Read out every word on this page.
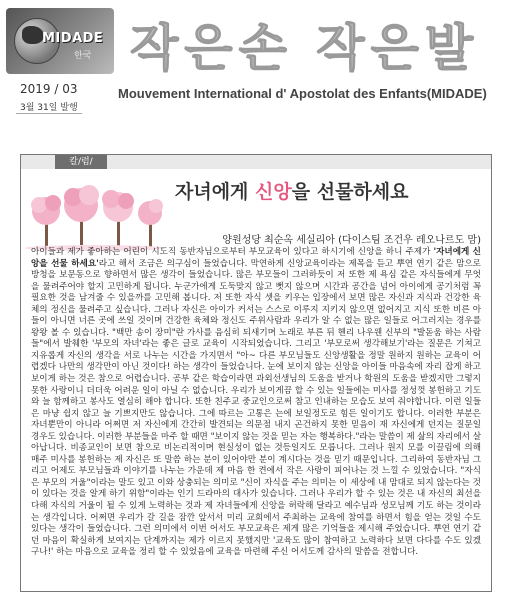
MIDADE
한국 작은손 작은발
2019 / 03
3월 31일 발행
Mouvement International d' Apostolat des Enfants(MIDADE)
칼/럼/
자녀에게 신앙을 선물하세요
양원성당 최순옥 세실리아 (다이스팀 조건우 레오나르도 맘)
아이들과 제가 좋아하는 어린이 시도직 동반자님으로부터 부모교육이 있다고 하시기에 신앙을 하니 주제가 '자녀에게 신앙을 선물 하세요'라고 해서 조금은 의구심이 들었습니다. 막연하게 신앙교육이라는 제목을 듣고 뿌연 연기 같은 맘으로 방청을 보문동으로 향하면서 많은 생각이 들었습니다. 많은 부모들이 그러하듯이 저 또한 제 욕심 같은 자식들에게 무엇을 물려주어야 할지 고민하게 됩니다. 누군가에게 도둑맞지 않고 뻣지 않으며 시간과 공간을 넘어 아이에게 공기처럼 꼭 필요한 것을 남겨줄 수 있을까를 고민해 봅니다. 저 또한 자식 셋을 키우는 입장에서 보면 많은 자신과 지식과 건강한 육체의 정신을 물려주고 싶습니다. 그러나 자신은 아이가 커서는 스스로 이루지 지키지 않으면 없어지고 지식 또한 비른 아들이 아니면 너른 곳에 쓰일 것이며 건강한 육체와 정신도 주위사람과 우리가 알 수 없는 많은 일들로 어그러지는 경우를 왕왕 볼 수 있습니다. "백만 송이 장미"란 가사를 음심히 되새기며 노래로 부른 뒤 헨리 나우웬 신부의 "발돋움 하는 사람들"에서 발췌한 '부모의 자녀'라는 좋은 글로 교육이 시작되었습니다. 그리고 '부모로써 생각해보기'라는 질문은 기쳐고 지유롭게 자신의 생각을 서로 나누는 시간을 가지면서 "아~ 다른 부모님들도 신앙생활을 정말 원하지 원하는 교육이 어렵겠다 나만의 생각만이 아닌 것이다! 하는 생각이 들었습니다. 눈에 보이지 않는 신앙을 아이들 마음속에 자리 잡게 하고 보이게 하는 것은 참으로 어렵습니다. 공부 같은 학습이라면 과외선생님의 도움을 받거나 학원의 도움을 받겠지만 그렇지 못한 사랑이니 더더욱 어려운 일이 아닐 수 없습니다. 우리가 보이게끔 할 수 있는 일들에는 미사를 정성껏 봉헌하고 기도와 늘 함께하고 봉사도 열심히 해야 합니다. 또한 친주교 중교인으로써 참고 인내하는 모습도 보여 줘야합니다. 이런 일들은 마냥 쉽지 않고 늘 기쁘지만도 않습니다. 그에 따르는 고통은 는에 보일정도로 힘든 일이기도 합니다. 이러한 부분은 자녀뿐만이 아니라 어쩌면 저 자신에게 간간히 발견되는 의문점 내지 곤건하지 못한 믿음이 재 자신에게 던지는 질문일 경우도 있습니다. 이러한 부분들을 마주 할 때면 "보이지 않는 것을 믿는 자는 행복하다."라는 말씀이 제 삶의 자리에서 살아납니다. 비종교인이 보면 참으로 비논리적이며 현실성이 없는 것등일지도 모릅니다. 그러나 원지 모를 이끌림에 의해 매주 미사를 봉헌하는 제 자신은 또 말씀 하는 분이 있어야만 분이 계시다는 것을 믿기 때문입니다. 그리하여 동반자님 그리고 어제도 부모님들과 이야기를 나누는 가운데 제 마음 한 켠에서 작은 사랑이 피어나는 것 느낄 수 있었습니다. "자식은 부모의 거울"이라는 말도 있고 이와 상충되는 의미로 "신이 자식을 주는 의미는 이 세상에 내 맘대로 되지 않는다는 것이 있다는 것을 알게 하기 위함"이라는 인기 드라마의 대사가 있습니다. 그러나 우리가 할 수 있는 것은 내 자신의 최선을 다해 자식의 거울이 될 수 있게 노력하는 것과 제 자녀들에게 신앙을 허락해 달라고 예수님과 성모님께 기도 하는 것이라는 생각입니다. 어쩌면 우리가 갈 길을 잠깐 앞서서 미리 교회에서 주최하는 교육에 참여를 하면서 힘을 얻는 것일 수도 있다는 생각이 들었습니다. 그런 의미에서 이번 어서도 부모교육은 제게 많은 기억들을 제시해 주었습니다. 뿌연 연기 같던 마음이 확실하게 보여지는 단계까지는 제가 이르지 못했지만 '교육도 많이 참여하고 노력하다 보면 다다를 수도 있겠구나!' 하는 마음으로 교육을 정리 할 수 있었음에 교육을 마련해 주신 어서도께 감사의 말씀을 전합니다.
